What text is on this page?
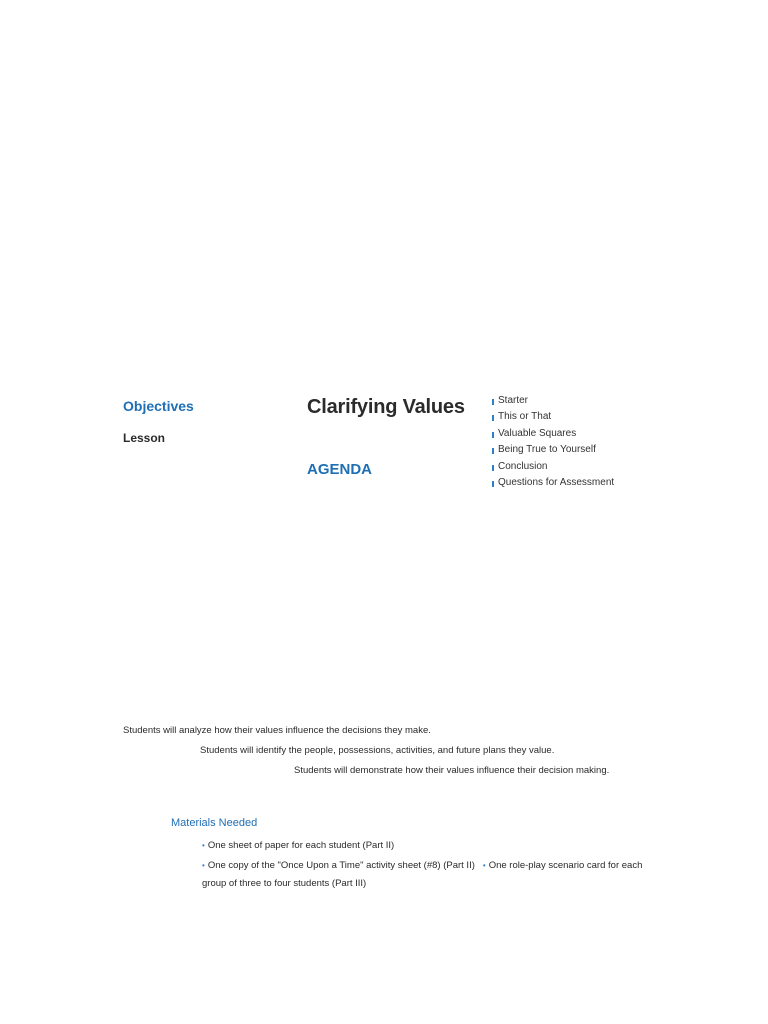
Objectives
Lesson
Clarifying Values
AGENDA
Starter
This or That
Valuable Squares
Being True to Yourself
Conclusion
Questions for Assessment
Students will analyze how their values influence the decisions they make.
Students will identify the people, possessions, activities, and future plans they value.
Students will demonstrate how their values influence their decision making.
Materials Needed
• One sheet of paper for each student (Part II)
• One copy of the "Once Upon a Time" activity sheet (#8) (Part II) • One role-play scenario card for each
group of three to four students (Part III)
